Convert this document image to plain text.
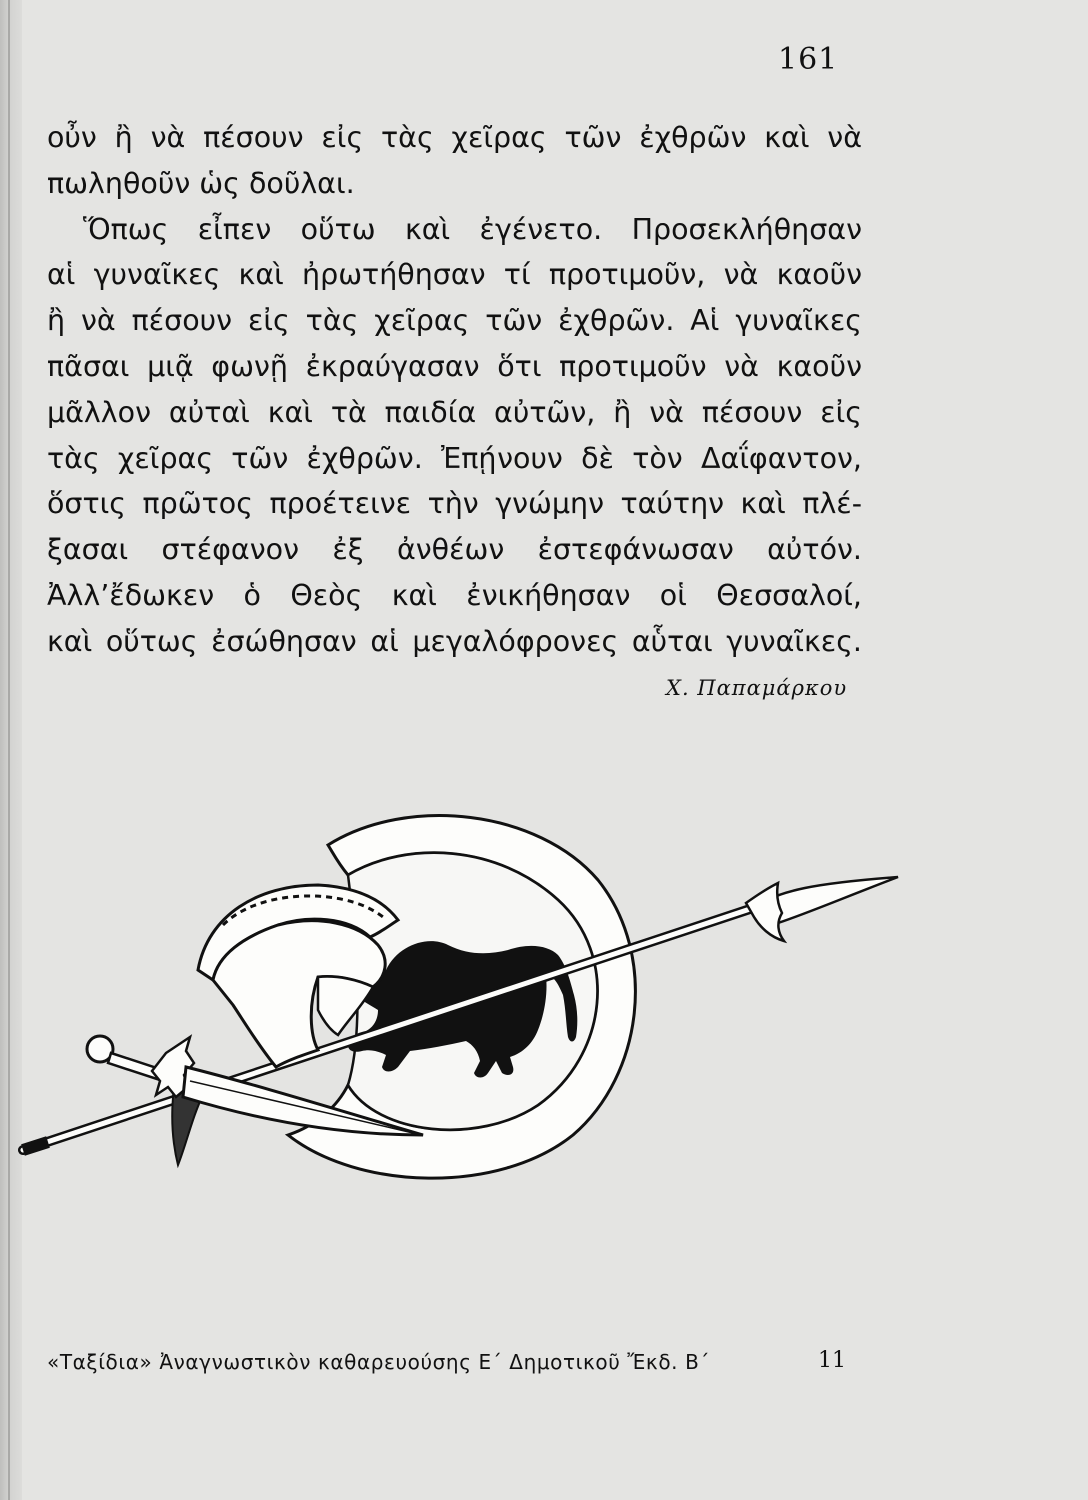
161
οὖν ἢ νὰ πέσουν εἰς τὰς χεῖρας τῶν ἐχθρῶν καὶ νὰ
πωληθοῦν ὡς δοῦλαι.
Ὅπως εἶπεν οὕτω καὶ ἐγένετο. Προσεκλήθησαν
αἱ γυναῖκες καὶ ἠρωτήθησαν τί προτιμοῦν, νὰ καοῦν
ἢ νὰ πέσουν εἰς τὰς χεῖρας τῶν ἐχθρῶν. Αἱ γυναῖκες
πᾶσαι μιᾷ φωνῇ ἐκραύγασαν ὅτι προτιμοῦν νὰ καοῦν
μᾶλλον αὐταὶ καὶ τὰ παιδία αὐτῶν, ἢ νὰ πέσουν εἰς
τὰς χεῖρας τῶν ἐχθρῶν. Ἐπῄνουν δὲ τὸν Δαΐφαντον,
ὅστις πρῶτος προέτεινε τὴν γνώμην ταύτην καὶ πλέ-
ξασαι στέφανον ἐξ ἀνθέων ἐστεφάνωσαν αὐτόν.
Ἀλλ’ἔδωκεν ὁ Θεὸς καὶ ἐνικήθησαν οἱ Θεσσαλοί,
καὶ οὕτως ἐσώθησαν αἱ μεγαλόφρονες αὗται γυναῖκες.
Χ. Παπαμάρκου
«Ταξίδια» Ἀναγνωστικὸν καθαρευούσης Ε΄ Δημοτικοῦ Ἔκδ. Β΄	11
